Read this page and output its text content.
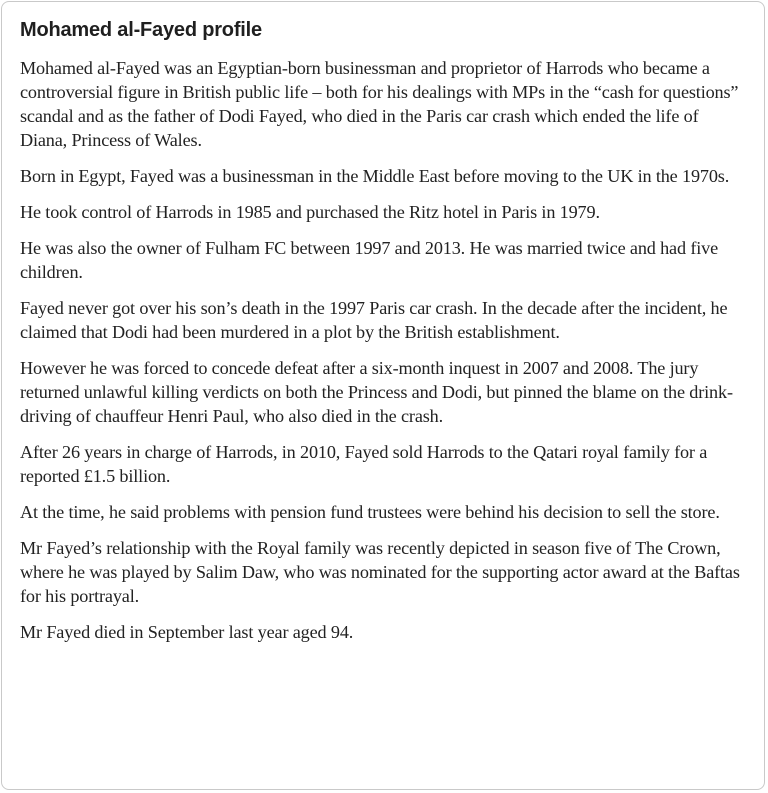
Mohamed al-Fayed profile

Mohamed al-Fayed was an Egyptian-born businessman and proprietor of Harrods who became a controversial figure in British public life – both for his dealings with MPs in the “cash for questions” scandal and as the father of Dodi Fayed, who died in the Paris car crash which ended the life of Diana, Princess of Wales.

Born in Egypt, Fayed was a businessman in the Middle East before moving to the UK in the 1970s.

He took control of Harrods in 1985 and purchased the Ritz hotel in Paris in 1979.

He was also the owner of Fulham FC between 1997 and 2013. He was married twice and had five children.

Fayed never got over his son’s death in the 1997 Paris car crash. In the decade after the incident, he claimed that Dodi had been murdered in a plot by the British establishment.

However he was forced to concede defeat after a six-month inquest in 2007 and 2008. The jury returned unlawful killing verdicts on both the Princess and Dodi, but pinned the blame on the drink-driving of chauffeur Henri Paul, who also died in the crash.

After 26 years in charge of Harrods, in 2010, Fayed sold Harrods to the Qatari royal family for a reported £1.5 billion.

At the time, he said problems with pension fund trustees were behind his decision to sell the store.

Mr Fayed’s relationship with the Royal family was recently depicted in season five of The Crown, where he was played by Salim Daw, who was nominated for the supporting actor award at the Baftas for his portrayal.

Mr Fayed died in September last year aged 94.
